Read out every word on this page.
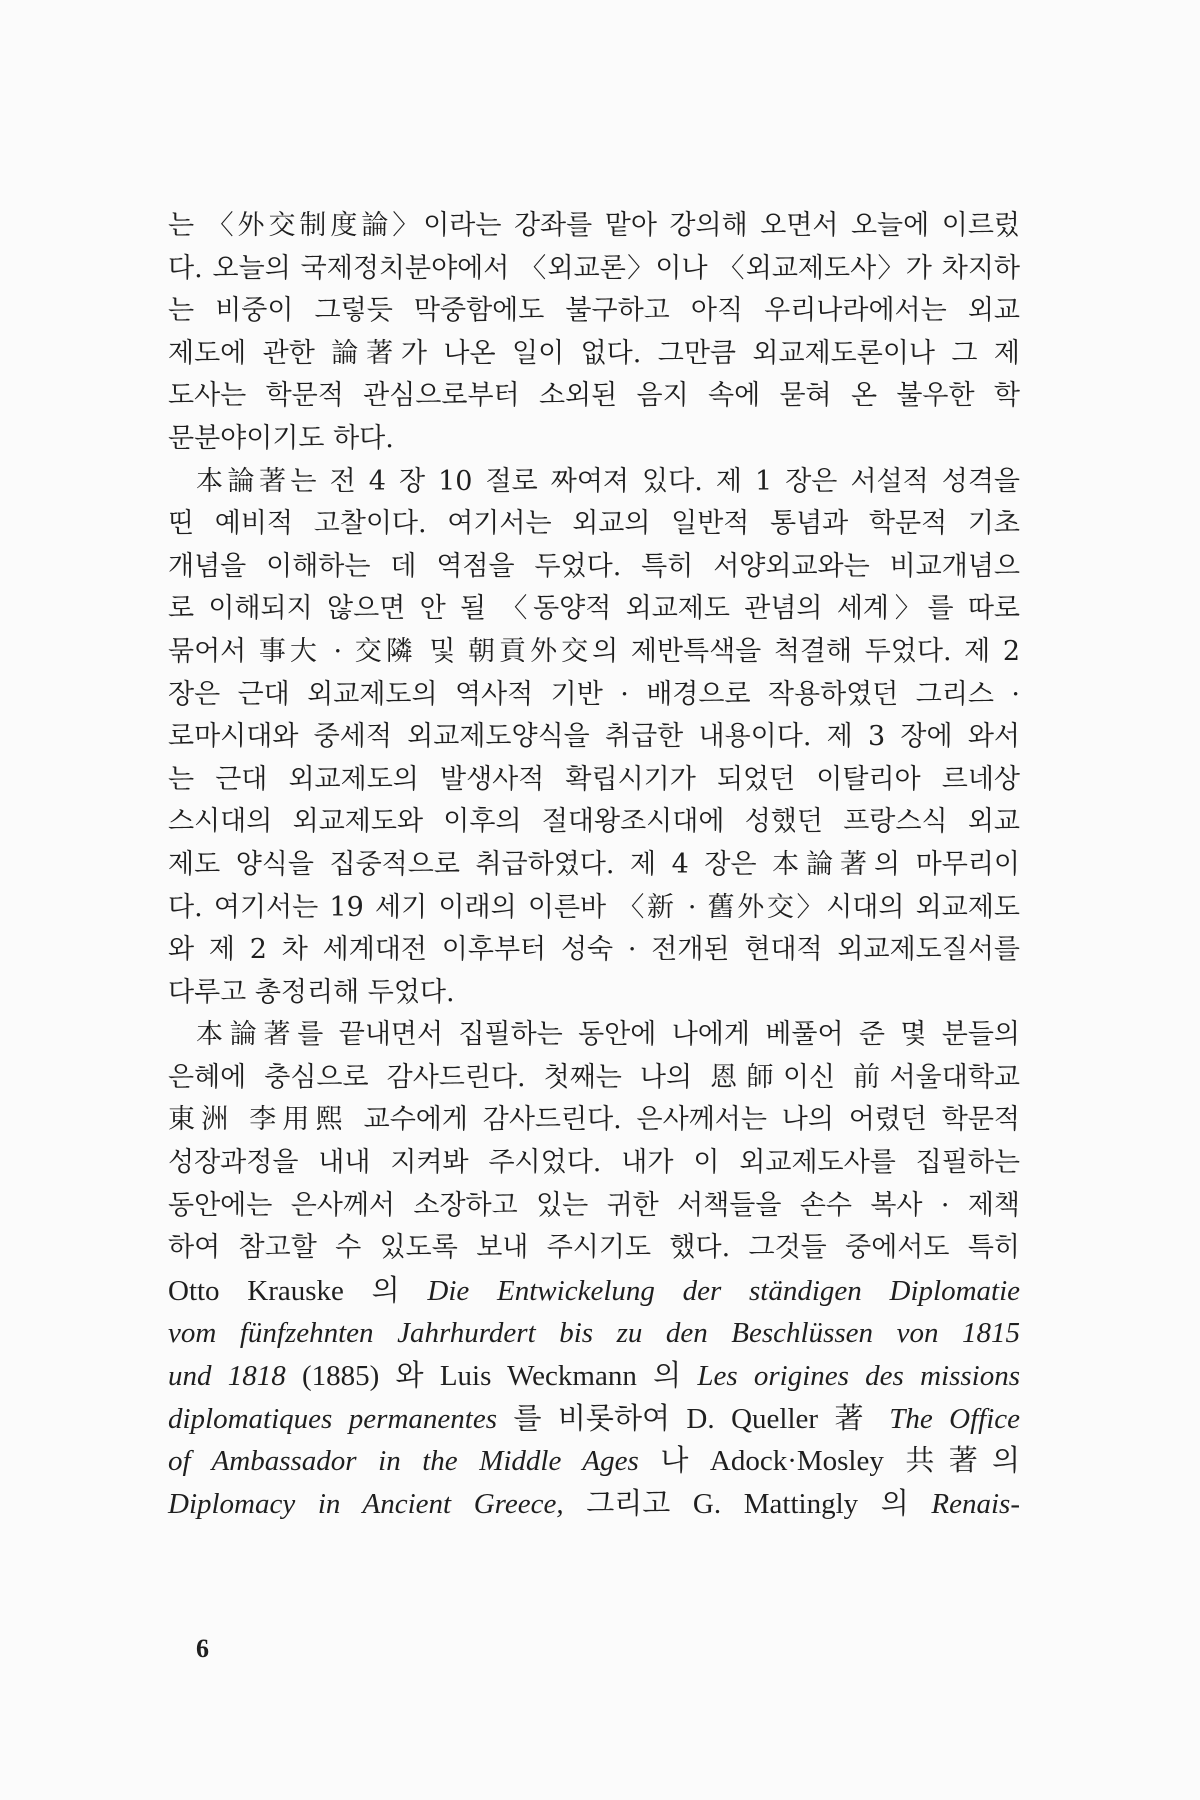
는 〈外交制度論〉이라는 강좌를 맡아 강의해 오면서 오늘에 이르렀
다. 오늘의 국제정치분야에서 〈외교론〉이나 〈외교제도사〉가 차지하
는 비중이 그렇듯 막중함에도 불구하고 아직 우리나라에서는 외교
제도에 관한 論著가 나온 일이 없다. 그만큼 외교제도론이나 그 제
도사는 학문적 관심으로부터 소외된 음지 속에 묻혀 온 불우한 학
문분야이기도 하다.
本論著는 전 4 장 10 절로 짜여져 있다. 제 1 장은 서설적 성격을
띤 예비적 고찰이다. 여기서는 외교의 일반적 통념과 학문적 기초
개념을 이해하는 데 역점을 두었다. 특히 서양외교와는 비교개념으
로 이해되지 않으면 안 될 〈동양적 외교제도 관념의 세계〉를 따로
묶어서 事大 · 交隣 및 朝貢外交의 제반특색을 척결해 두었다. 제 2
장은 근대 외교제도의 역사적 기반 · 배경으로 작용하였던 그리스 ·
로마시대와 중세적 외교제도양식을 취급한 내용이다. 제 3 장에 와서
는 근대 외교제도의 발생사적 확립시기가 되었던 이탈리아 르네상
스시대의 외교제도와 이후의 절대왕조시대에 성했던 프랑스식 외교
제도 양식을 집중적으로 취급하였다. 제 4 장은 本論著의 마무리이
다. 여기서는 19 세기 이래의 이른바 〈新 · 舊外交〉시대의 외교제도
와 제 2 차 세계대전 이후부터 성숙 · 전개된 현대적 외교제도질서를
다루고 총정리해 두었다.
本論著를 끝내면서 집필하는 동안에 나에게 베풀어 준 몇 분들의
은혜에 충심으로 감사드린다. 첫째는 나의 恩師이신 前서울대학교
東洲 李用熙 교수에게 감사드린다. 은사께서는 나의 어렸던 학문적
성장과정을 내내 지켜봐 주시었다. 내가 이 외교제도사를 집필하는
동안에는 은사께서 소장하고 있는 귀한 서책들을 손수 복사 · 제책
하여 참고할 수 있도록 보내 주시기도 했다. 그것들 중에서도 특히
Otto Krauske 의 Die Entwickelung der ständigen Diplomatie
vom fünfzehnten Jahrhurdert bis zu den Beschlüssen von 1815
und 1818 (1885) 와 Luis Weckmann 의 Les origines des missions
diplomatiques permanentes 를 비롯하여 D. Queller 著 The Office
of Ambassador in the Middle Ages 나 Adock·Mosley 共著의
Diplomacy in Ancient Greece, 그리고 G. Mattingly 의 Renais-
6
